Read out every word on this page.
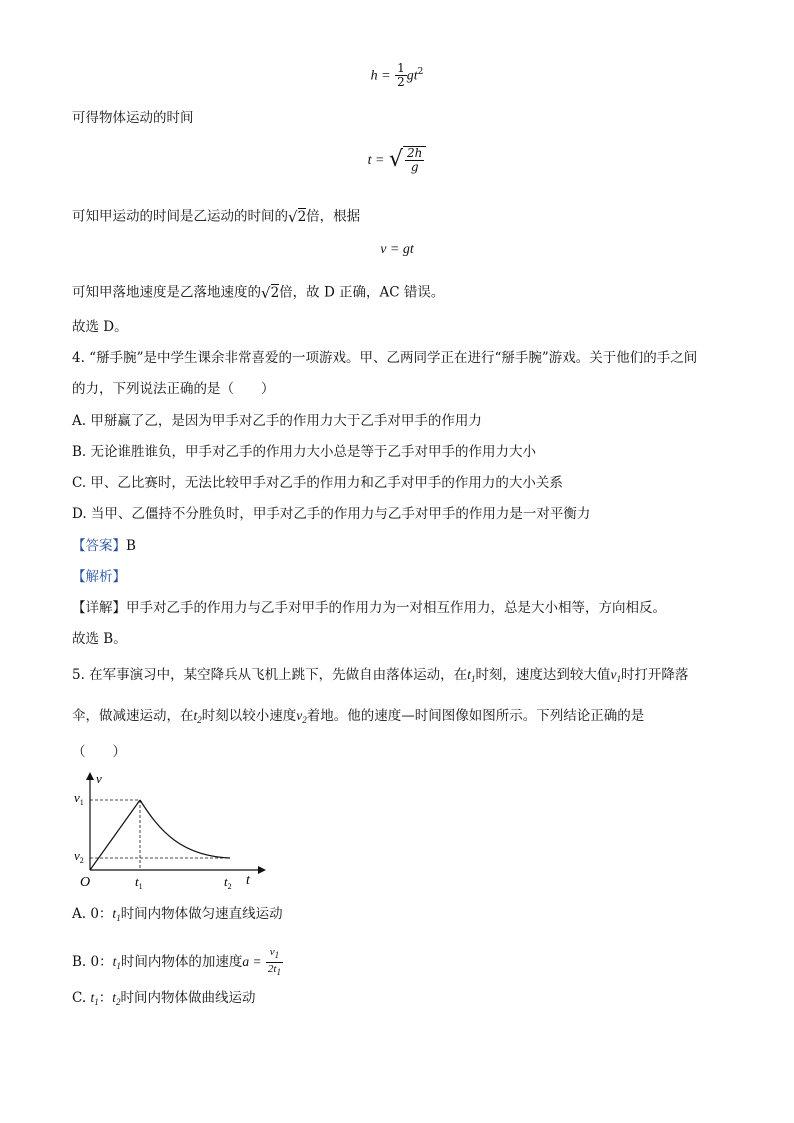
$h = \frac{1}{2} gt^2$
可得物体运动的时间
t = √ $\frac{2h}{g}$
可知甲运动的时间是乙运动的时间的√2倍，根据
v = gt
可知甲落地速度是乙落地速度的√2倍，故 D 正确，AC 错误。
故选 D。
4. “掰手腕”是中学生课余非常喜爱的一项游戏。甲、乙两同学正在进行“掰手腕”游戏。关于他们的手之间
的力，下列说法正确的是（　　）
A. 甲掰赢了乙，是因为甲手对乙手的作用力大于乙手对甲手的作用力
B. 无论谁胜谁负，甲手对乙手的作用力大小总是等于乙手对甲手的作用力大小
C. 甲、乙比赛时，无法比较甲手对乙手的作用力和乙手对甲手的作用力的大小关系
D. 当甲、乙僵持不分胜负时，甲手对乙手的作用力与乙手对甲手的作用力是一对平衡力
【答案】B
【解析】
【详解】甲手对乙手的作用力与乙手对甲手的作用力为一对相互作用力，总是大小相等，方向相反。
故选 B。
5. 在军事演习中，某空降兵从飞机上跳下，先做自由落体运动，在$t_1$时刻，速度达到较大值$v_1$时打开降落
伞，做减速运动，在$t_2$时刻以较小速度$v_2$着地。他的速度—时间图像如图所示。下列结论正确的是
（　　）
v
$v_1$
$v_2$
O	$t_1$	$t_2$ t
A. 0：$t_1$时间内物体做匀速直线运动
B. 0：$t_1$时间内物体的加速度$a = \frac{v_1}{2t_1}$
C. $t_1$：$t_2$时间内物体做曲线运动
